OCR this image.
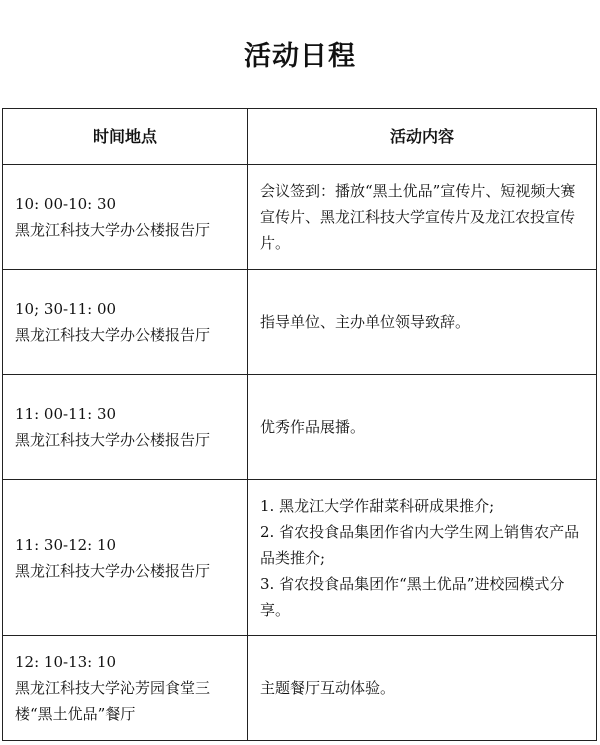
活动日程
时间地点	活动内容

10: 00-10: 30
黑龙江科技大学办公楼报告厅	会议签到：播放“黑土优品”宣传片、短视频大赛宣传片、黑龙江科技大学宣传片及龙江农投宣传片。

10; 30-11: 00
黑龙江科技大学办公楼报告厅	指导单位、主办单位领导致辞。

11: 00-11: 30
黑龙江科技大学办公楼报告厅	优秀作品展播。

11: 30-12: 10
黑龙江科技大学办公楼报告厅	1. 黑龙江大学作甜菜科研成果推介;
2. 省农投食品集团作省内大学生网上销售农产品品类推介;
3. 省农投食品集团作“黑土优品”进校园模式分享。

12: 10-13: 10
黑龙江科技大学沁芳园食堂三楼“黑土优品”餐厅	主题餐厅互动体验。
